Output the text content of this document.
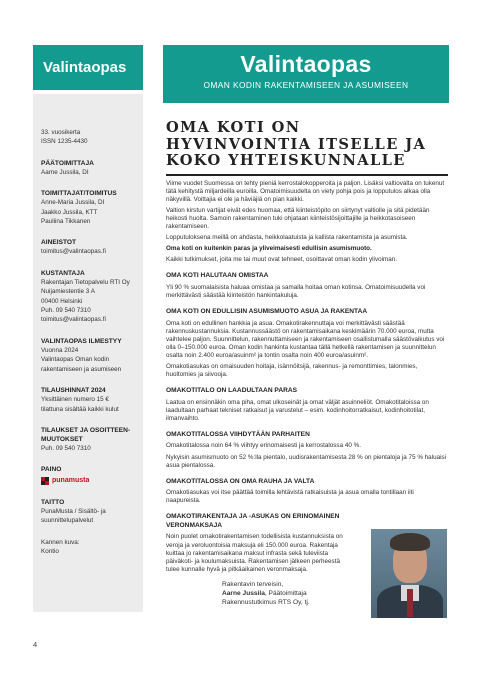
Valintaopas	Valintaopas
OMAN KODIN RAKENTAMISEEN JA ASUMISEEN
33. vuosikerta
ISSN 1235-4430
PÄÄTOIMITTAJA
Aarne Jussila, DI
TOIMITTAJAT/TOIMITUS
Anne-Maria Jussila, DI
Jaakko Jussila, KTT
Pauliina Tikkanen
AINEISTOT
toimitus@valintaopas.fi
KUSTANTAJA
Rakentajan Tietopalvelu RTI Oy
Nuijamiestentie 3 A
00400 Helsinki
Puh. 09 540 7310
toimitus@valintaopas.fi
VALINTAOPAS ILMESTYY
Vuonna 2024
Valintaopas Oman kodin rakentamiseen ja asumiseen
TILAUSHINNAT 2024
Yksittäinen numero 15 €
tilattuna sisältää kaikki kulut
TILAUKSET JA OSOITTEEN-MUUTOKSET
Puh. 09 540 7310
PAINO
punamusta
TAITTO
PunaMusta / Sisältö- ja suunnittelupalvelut
Kannen kuva:
Kontio
OMA KOTI ON HYVINVOINTIA ITSELLE JA KOKO YHTEISKUNNALLE

Viime vuodet Suomessa on tehty pieniä kerrostalokopperoita ja paljon. Lisäksi valtiovalta on tukenut tätä kehitystä miljardeilla euroilla. Omatoimisuudelta on viety pohja pois ja lopputulos alkaa olla näkyvillä. Voittajia ei ole ja häviäjiä on pian kaikki.

Valtion kirstun vartijat eivät edes huomaa, että kiinteistöpito on siirtynyt valtiolle ja sitä pidetään heikosti huolta. Samoin rakentaminen tuki ohjataan kiinteistösijoittajille ja heikkotasoiseen rakentamiseen.

Lopputuloksena meillä on ahdasta, heikkolaatuista ja kallista rakentamista ja asumista.

Oma koti on kuitenkin paras ja yliveimaisesti edullisin asumismuoto.

Kaikki tutkimukset, joita me tai muut ovat tehneet, osoittavat oman kodin ylivoiman.

OMA KOTI HALUTAAN OMISTAA

Yli 90 % suomalaisista haluaa omistaa ja samalla hoitaa oman kotinsa. Omatoimisuudella voi merkittävästi säästää kiinteistön hankintakuluja.

OMA KOTI ON EDULLISIN ASUMISMUOTO ASUA JA RAKENTAA

Oma koti on edullinen hankkia ja asua. Omakotirakennuttaja voi merkittävästi säästää rakennuskustannuksia. Kustannussäästö on rakentamisaikana keskimäärin 70.000 euroa, mutta vaihtelee paljon. Suunnittelun, rakennuttamiseen ja rakentamiseen osallistumalla säästövaikutus voi olla 0–150.000 euroa. Oman kodin hankinta kustantaa tällä hetkellä rakentamisen ja suunnittelun osalta noin 2.400 euroa/asuinm² ja tontin osalta noin 400 euroa/asuinm².

Omakotiasukas on omaisuuden hoitaja, isännöitsijä, rakennus- ja remonttimies, talonmies, huoltomies ja siivooja.

OMAKOTITALO ON LAADULTAAN PARAS

Laatua on ensinnäkin oma piha, omat ulkoseinät ja omat väljät asuinneliöt. Omakotitaloissa on laadultaan parhaat tekniset ratkaisut ja varustelut – esim. kodinhoitorratkaisut, kodinhoitotilat, ilmanvaihto.

OMAKOTITALOSSA VIIHDYTÄÄN PARHAITEN

Omakotitalossa noin 64 % viihtyy erinomaisesti ja kerrostalossa 40 %.

Nykyisin asumismuoto on 52 %:lla pientalo, uudisrakentamisesta 28 % on pientaloja ja 75 % haluaisi asua pientalossa.

OMAKOTITALOSSA ON OMA RAUHA JA VALTA

Omakotiasukas voi itse päättää toimilla lehtävistä ratkaisuista ja asua omalla tontillaan iiti naapureista.

OMAKOTIRAKENTAJA JA -ASUKAS ON ERINOMAINEN VERONMAKSAJA

Noin puolet omakotirakentamisen todellisista kustannuksista on veroja ja veroluontoisia maksuja eli 150.000 euroa. Rakentaja kuittaa jo rakentamisaikana maksut infrasta sekä tuleviista päiväkoti- ja koulumaksuista. Rakentamisen jälkeen perheestä tulee kunnalle hyvä ja pitkäaikainen veronmaksaja.

Rakentavin terveisin,
Aarne Jussila, Päätoimittaja
Rakennustutkimus RTS Oy, tj.
4
